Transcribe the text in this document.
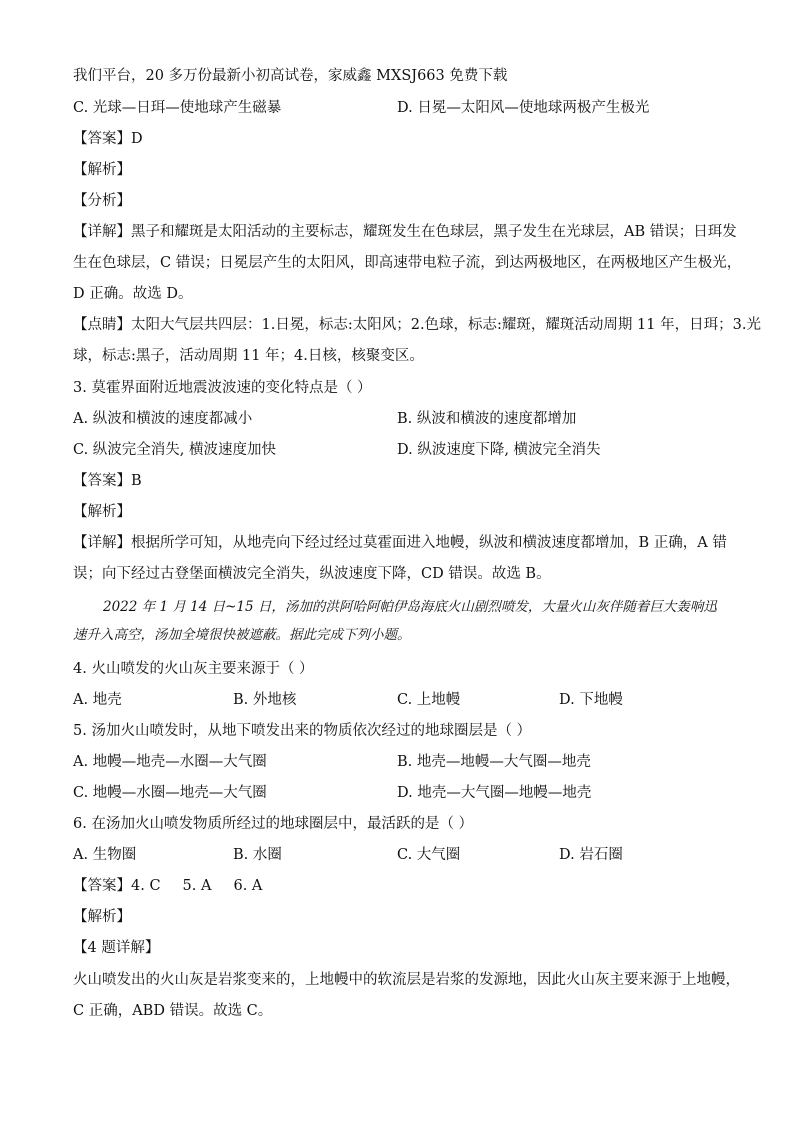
我们平台，20 多万份最新小初高试卷，家威鑫 MXSJ663 免费下载
C. 光球—日珥—使地球产生磁暴	D. 日冕—太阳风—使地球两极产生极光
【答案】D
【解析】
【分析】
【详解】黑子和耀斑是太阳活动的主要标志，耀斑发生在色球层，黑子发生在光球层，AB 错误；日珥发
生在色球层，C 错误；日冕层产生的太阳风，即高速带电粒子流，到达两极地区，在两极地区产生极光，
D 正确。故选 D。
【点睛】太阳大气层共四层：1.日冕，标志:太阳风；2.色球，标志:耀斑，耀斑活动周期 11 年，日珥；3.光
球，标志:黑子，活动周期 11 年；4.日核，核聚变区。
3. 莫霍界面附近地震波波速的变化特点是（ ）
A. 纵波和横波的速度都减小	B. 纵波和横波的速度都增加
C. 纵波完全消失, 横波速度加快	D. 纵波速度下降, 横波完全消失
【答案】B
【解析】
【详解】根据所学可知，从地壳向下经过经过莫霍面进入地幔，纵波和横波速度都增加，B 正确，A 错
误；向下经过古登堡面横波完全消失，纵波速度下降，CD 错误。故选 B。
2022 年 1 月 14 日~15 日，汤加的洪阿哈阿帕伊岛海底火山剧烈喷发，大量火山灰伴随着巨大轰响迅
速升入高空，汤加全境很快被遮蔽。据此完成下列小题。
4. 火山喷发的火山灰主要来源于（ ）
A. 地壳	B. 外地核	C. 上地幔	D. 下地幔
5. 汤加火山喷发时，从地下喷发出来的物质依次经过的地球圈层是（ ）
A. 地幔—地壳—水圈—大气圈	B. 地壳—地幔—大气圈—地壳
C. 地幔—水圈—地壳—大气圈	D. 地壳—大气圈—地幔—地壳
6. 在汤加火山喷发物质所经过的地球圈层中，最活跃的是（ ）
A. 生物圈	B. 水圈	C. 大气圈	D. 岩石圈
【答案】4. C 5. A 6. A
【解析】
【4 题详解】
火山喷发出的火山灰是岩浆变来的，上地幔中的软流层是岩浆的发源地，因此火山灰主要来源于上地幔，
C 正确，ABD 错误。故选 C。
